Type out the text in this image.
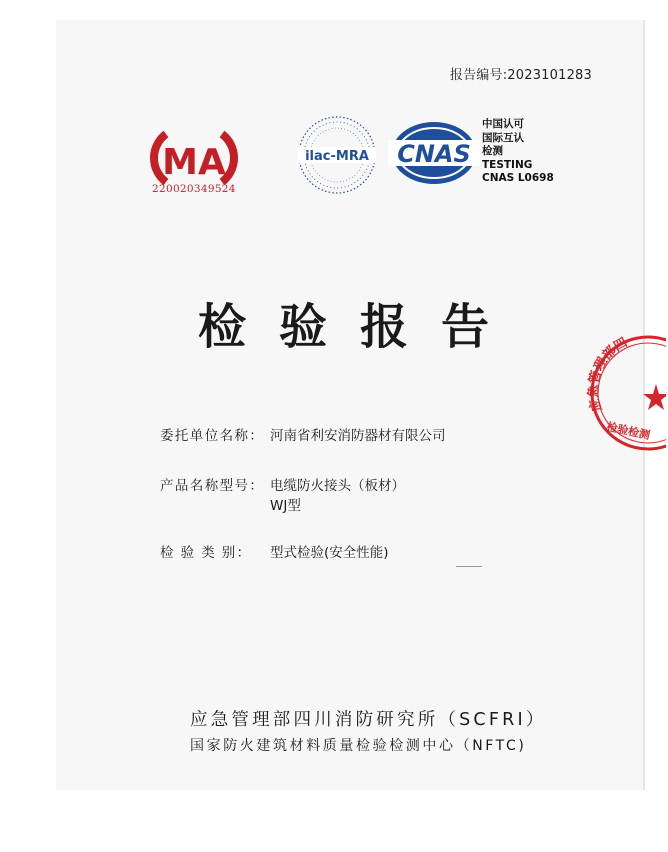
报告编号:2023101283
MA
220020349524
ilac-MRA CNAS
中国认可
国际互认
检测
TESTING
CNAS L0698
检验报告
委托单位名称： 河南省利安消防器材有限公司
产品名称型号： 电缆防火接头（板材）
WJ型
检 验 类 别： 型式检验(安全性能)
应急管理部四川消防研究所（SCFRI）
国家防火建筑材料质量检验检测中心（NFTC)
应急管理部四
检验检测
